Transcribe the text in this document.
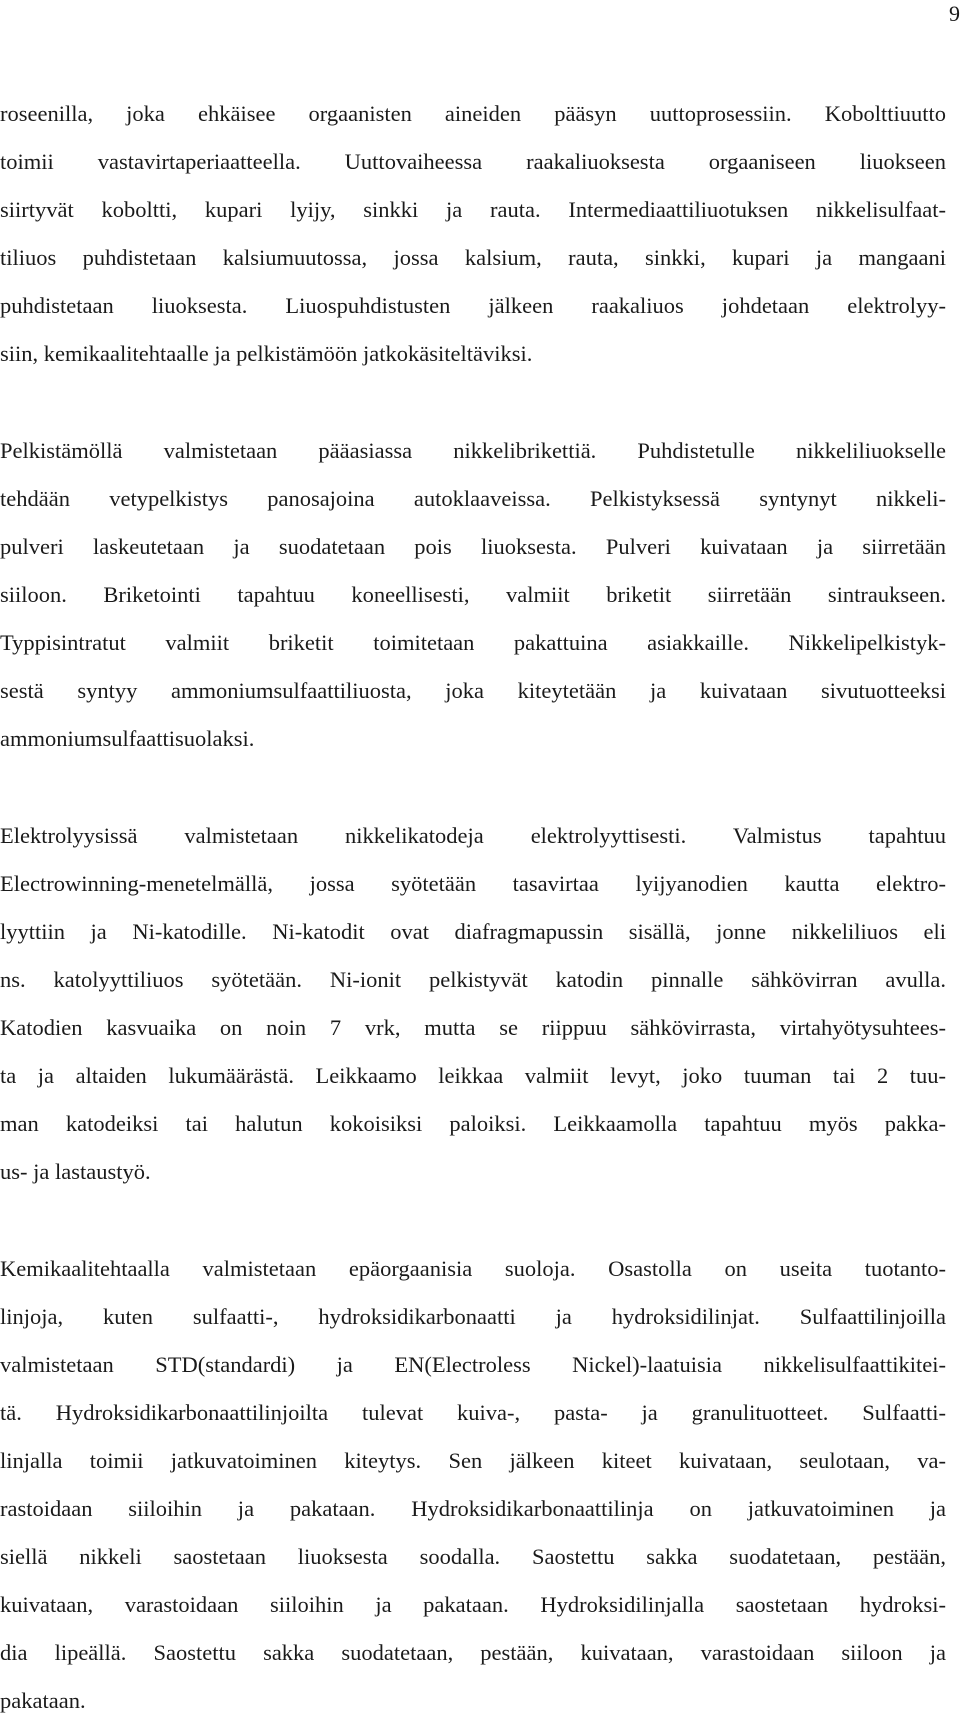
9
roseenilla, joka ehkäisee orgaanisten aineiden pääsyn uuttoprosessiin. Kobolttiuutto
toimii vastavirtaperiaatteella. Uuttovaiheessa raakaliuoksesta orgaaniseen liuokseen
siirtyvät koboltti, kupari lyijy, sinkki ja rauta. Intermediaattiliuotuksen nikkelisulfaat-
tiliuos puhdistetaan kalsiumuutossa, jossa kalsium, rauta, sinkki, kupari ja mangaani
puhdistetaan liuoksesta. Liuospuhdistusten jälkeen raakaliuos johdetaan elektrolyy-
siin, kemikaalitehtaalle ja pelkistämöön jatkokäsiteltäviksi.
Pelkistämöllä valmistetaan pääasiassa nikkelibrikettiä. Puhdistetulle nikkeliliuokselle
tehdään vetypelkistys panosajoina autoklaaveissa. Pelkistyksessä syntynyt nikkeli-
pulveri laskeutetaan ja suodatetaan pois liuoksesta. Pulveri kuivataan ja siirretään
siiloon. Briketointi tapahtuu koneellisesti, valmiit briketit siirretään sintraukseen.
Typpisintratut valmiit briketit toimitetaan pakattuina asiakkaille. Nikkelipelkistyk-
sestä syntyy ammoniumsulfaattiliuosta, joka kiteytetään ja kuivataan sivutuotteeksi
ammoniumsulfaattisuolaksi.
Elektrolyysissä valmistetaan nikkelikatodeja elektrolyyttisesti. Valmistus tapahtuu
Electrowinning-menetelmällä, jossa syötetään tasavirtaa lyijyanodien kautta elektro-
lyyttiin ja Ni-katodille. Ni-katodit ovat diafragmapussin sisällä, jonne nikkeliliuos eli
ns. katolyyttiliuos syötetään. Ni-ionit pelkistyvät katodin pinnalle sähkövirran avulla.
Katodien kasvuaika on noin 7 vrk, mutta se riippuu sähkövirrasta, virtahyötysuhtees-
ta ja altaiden lukumäärästä. Leikkaamo leikkaa valmiit levyt, joko tuuman tai 2 tuu-
man katodeiksi tai halutun kokoisiksi paloiksi. Leikkaamolla tapahtuu myös pakka-
us- ja lastaustyö.
Kemikaalitehtaalla valmistetaan epäorgaanisia suoloja. Osastolla on useita tuotanto-
linjoja, kuten sulfaatti-, hydroksidikarbonaatti ja hydroksidilinjat. Sulfaattilinjoilla
valmistetaan STD(standardi) ja EN(Electroless Nickel)-laatuisia nikkelisulfaattikitei-
tä. Hydroksidikarbonaattilinjoilta tulevat kuiva-, pasta- ja granulituotteet. Sulfaatti-
linjalla toimii jatkuvatoiminen kiteytys. Sen jälkeen kiteet kuivataan, seulotaan, va-
rastoidaan siiloihin ja pakataan. Hydroksidikarbonaattilinja on jatkuvatoiminen ja
siellä nikkeli saostetaan liuoksesta soodalla. Saostettu sakka suodatetaan, pestään,
kuivataan, varastoidaan siiloihin ja pakataan. Hydroksidilinjalla saostetaan hydroksi-
dia lipeällä. Saostettu sakka suodatetaan, pestään, kuivataan, varastoidaan siiloon ja
pakataan.
